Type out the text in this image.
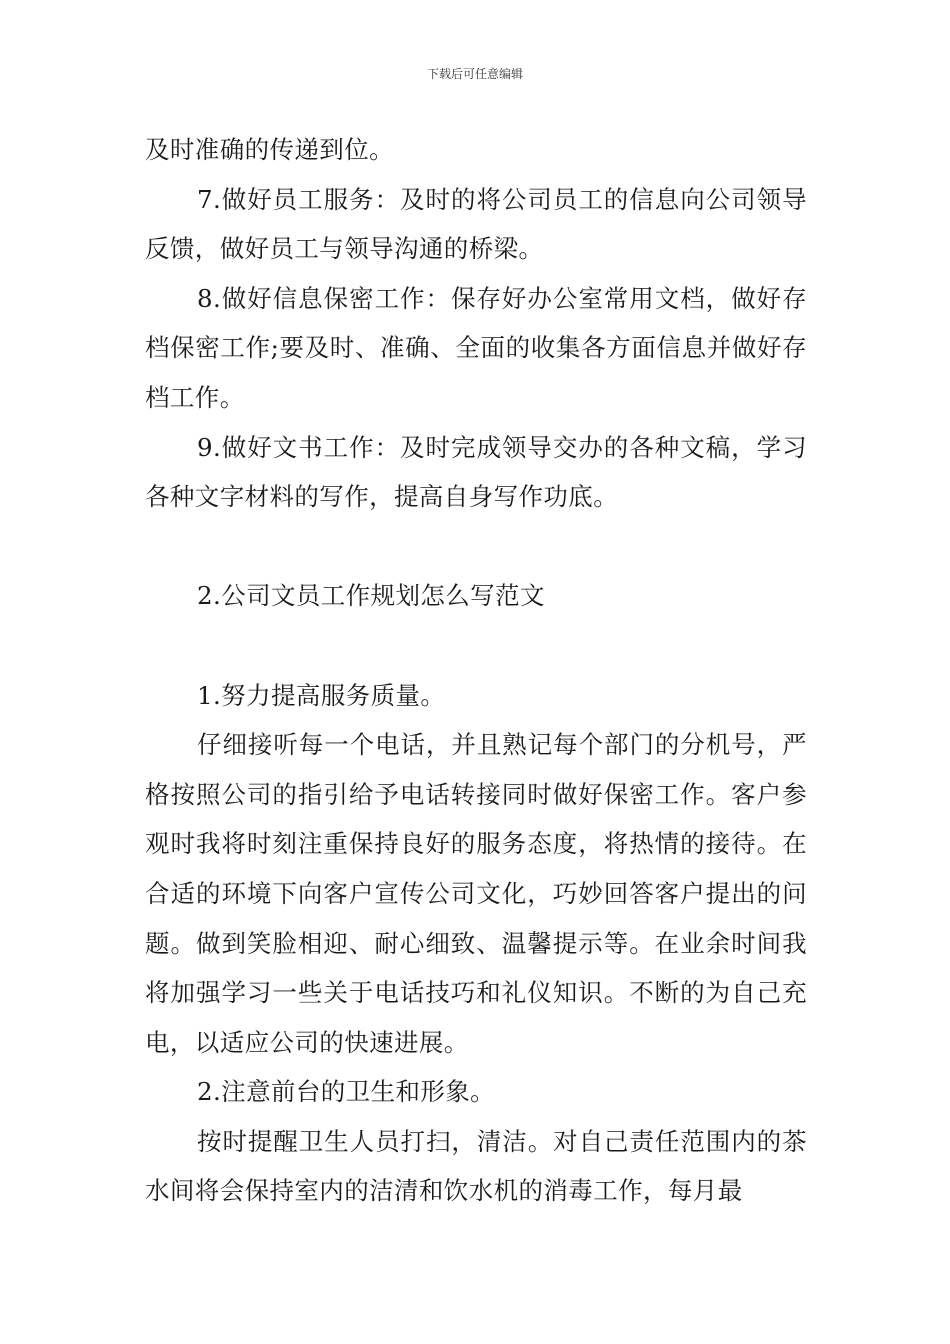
下载后可任意编辑

及时准确的传递到位。

7.做好员工服务：及时的将公司员工的信息向公司领导反馈，做好员工与领导沟通的桥梁。

8.做好信息保密工作：保存好办公室常用文档，做好存档保密工作;要及时、准确、全面的收集各方面信息并做好存档工作。

9.做好文书工作：及时完成领导交办的各种文稿，学习各种文字材料的写作，提高自身写作功底。

2.公司文员工作规划怎么写范文

1.努力提高服务质量。

仔细接听每一个电话，并且熟记每个部门的分机号，严格按照公司的指引给予电话转接同时做好保密工作。客户参观时我将时刻注重保持良好的服务态度，将热情的接待。在合适的环境下向客户宣传公司文化，巧妙回答客户提出的问题。做到笑脸相迎、耐心细致、温馨提示等。在业余时间我将加强学习一些关于电话技巧和礼仪知识。不断的为自己充电，以适应公司的快速进展。

2.注意前台的卫生和形象。

按时提醒卫生人员打扫，清洁。对自己责任范围内的茶水间将会保持室内的洁清和饮水机的消毒工作，每月最
